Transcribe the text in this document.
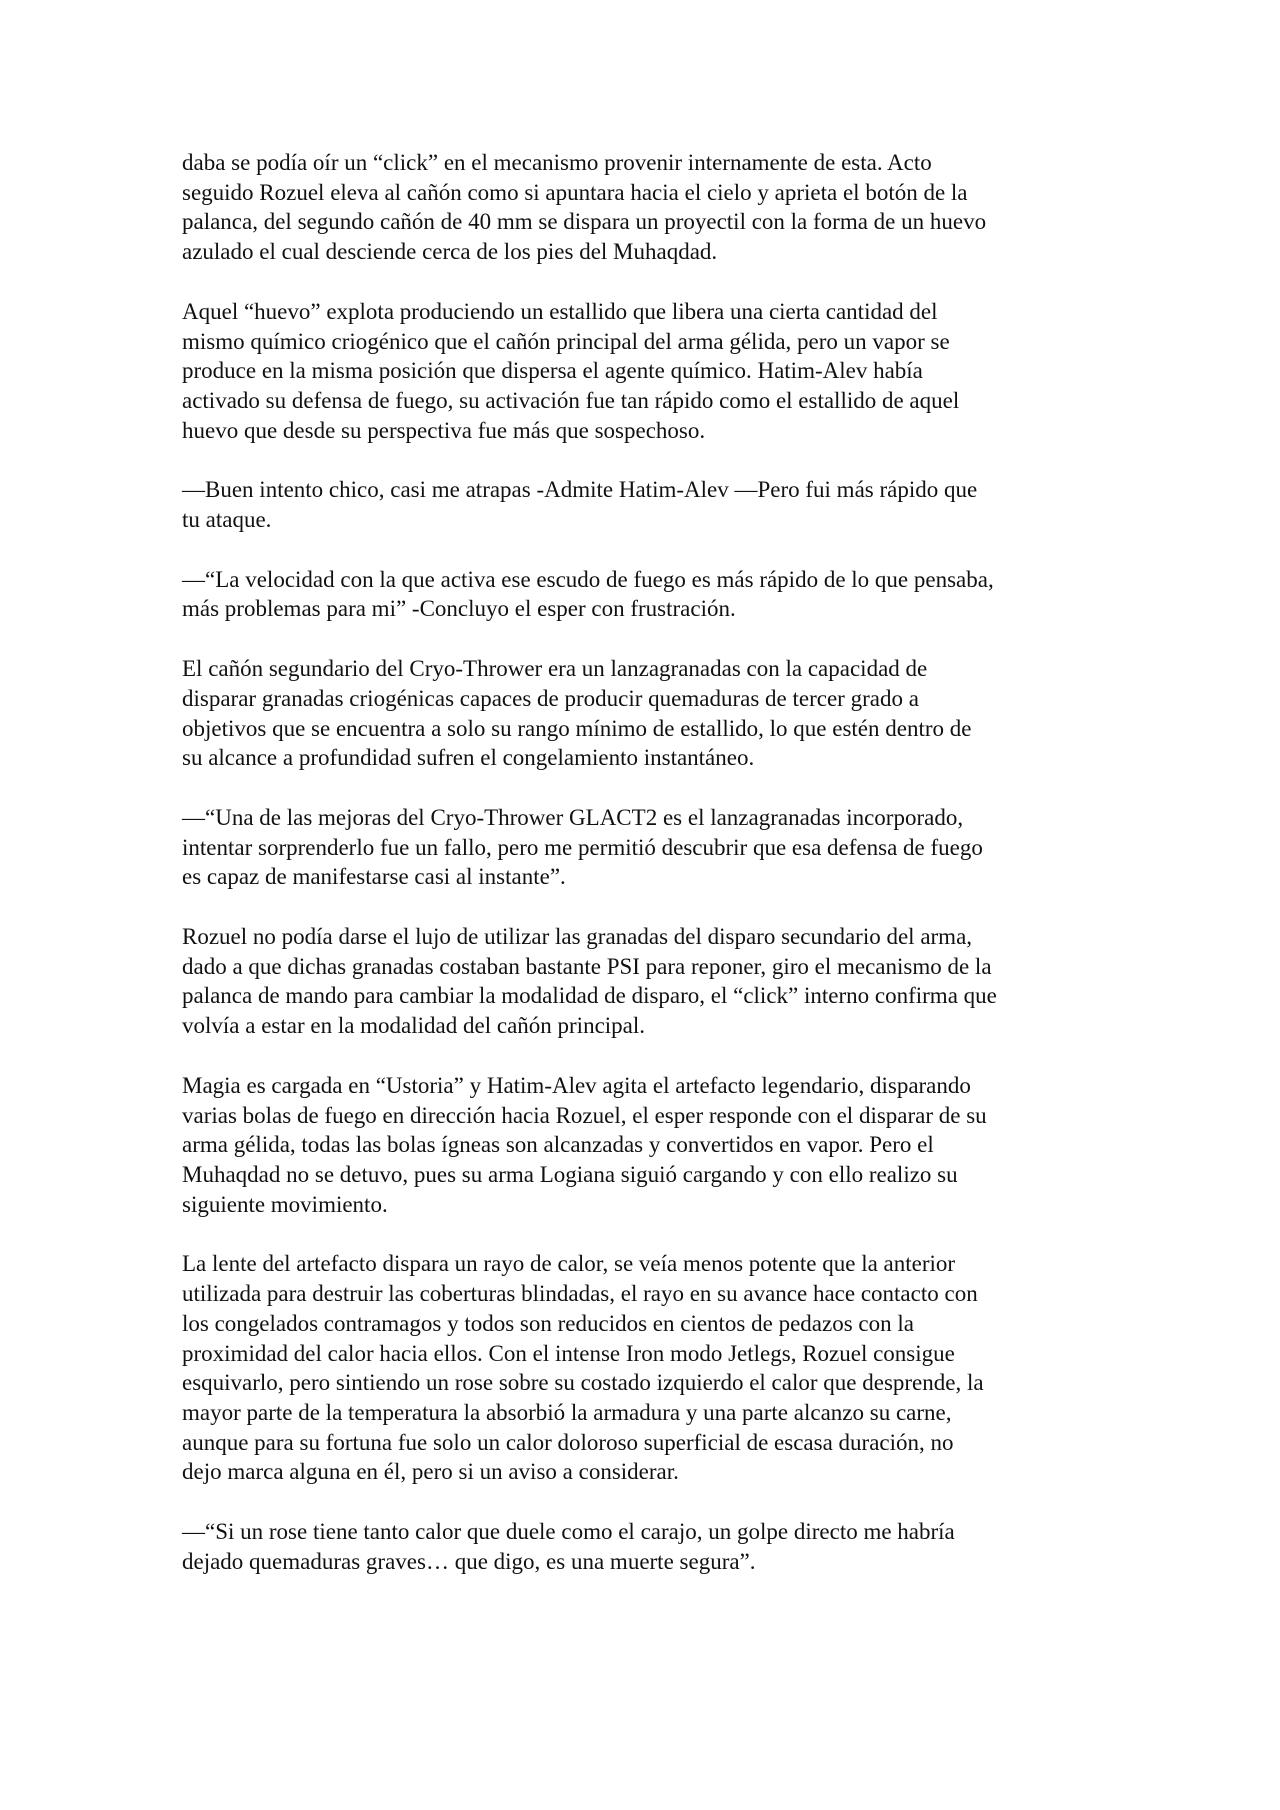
daba se podía oír un “click” en el mecanismo provenir internamente de esta. Acto
seguido Rozuel eleva al cañón como si apuntara hacia el cielo y aprieta el botón de la
palanca, del segundo cañón de 40 mm se dispara un proyectil con la forma de un huevo
azulado el cual desciende cerca de los pies del Muhaqdad.

Aquel “huevo” explota produciendo un estallido que libera una cierta cantidad del
mismo químico criogénico que el cañón principal del arma gélida, pero un vapor se
produce en la misma posición que dispersa el agente químico. Hatim-Alev había
activado su defensa de fuego, su activación fue tan rápido como el estallido de aquel
huevo que desde su perspectiva fue más que sospechoso.

—Buen intento chico, casi me atrapas -Admite Hatim-Alev —Pero fui más rápido que
tu ataque.

—“La velocidad con la que activa ese escudo de fuego es más rápido de lo que pensaba,
más problemas para mi” -Concluyo el esper con frustración.

El cañón segundario del Cryo-Thrower era un lanzagranadas con la capacidad de
disparar granadas criogénicas capaces de producir quemaduras de tercer grado a
objetivos que se encuentra a solo su rango mínimo de estallido, lo que estén dentro de
su alcance a profundidad sufren el congelamiento instantáneo.

—“Una de las mejoras del Cryo-Thrower GLACT2 es el lanzagranadas incorporado,
intentar sorprenderlo fue un fallo, pero me permitió descubrir que esa defensa de fuego
es capaz de manifestarse casi al instante”.

Rozuel no podía darse el lujo de utilizar las granadas del disparo secundario del arma,
dado a que dichas granadas costaban bastante PSI para reponer, giro el mecanismo de la
palanca de mando para cambiar la modalidad de disparo, el “click” interno confirma que
volvía a estar en la modalidad del cañón principal.

Magia es cargada en “Ustoria” y Hatim-Alev agita el artefacto legendario, disparando
varias bolas de fuego en dirección hacia Rozuel, el esper responde con el disparar de su
arma gélida, todas las bolas ígneas son alcanzadas y convertidos en vapor. Pero el
Muhaqdad no se detuvo, pues su arma Logiana siguió cargando y con ello realizo su
siguiente movimiento.

La lente del artefacto dispara un rayo de calor, se veía menos potente que la anterior
utilizada para destruir las coberturas blindadas, el rayo en su avance hace contacto con
los congelados contramagos y todos son reducidos en cientos de pedazos con la
proximidad del calor hacia ellos. Con el intense Iron modo Jetlegs, Rozuel consigue
esquivarlo, pero sintiendo un rose sobre su costado izquierdo el calor que desprende, la
mayor parte de la temperatura la absorbió la armadura y una parte alcanzo su carne,
aunque para su fortuna fue solo un calor doloroso superficial de escasa duración, no
dejo marca alguna en él, pero si un aviso a considerar.

—“Si un rose tiene tanto calor que duele como el carajo, un golpe directo me habría
dejado quemaduras graves… que digo, es una muerte segura”.
